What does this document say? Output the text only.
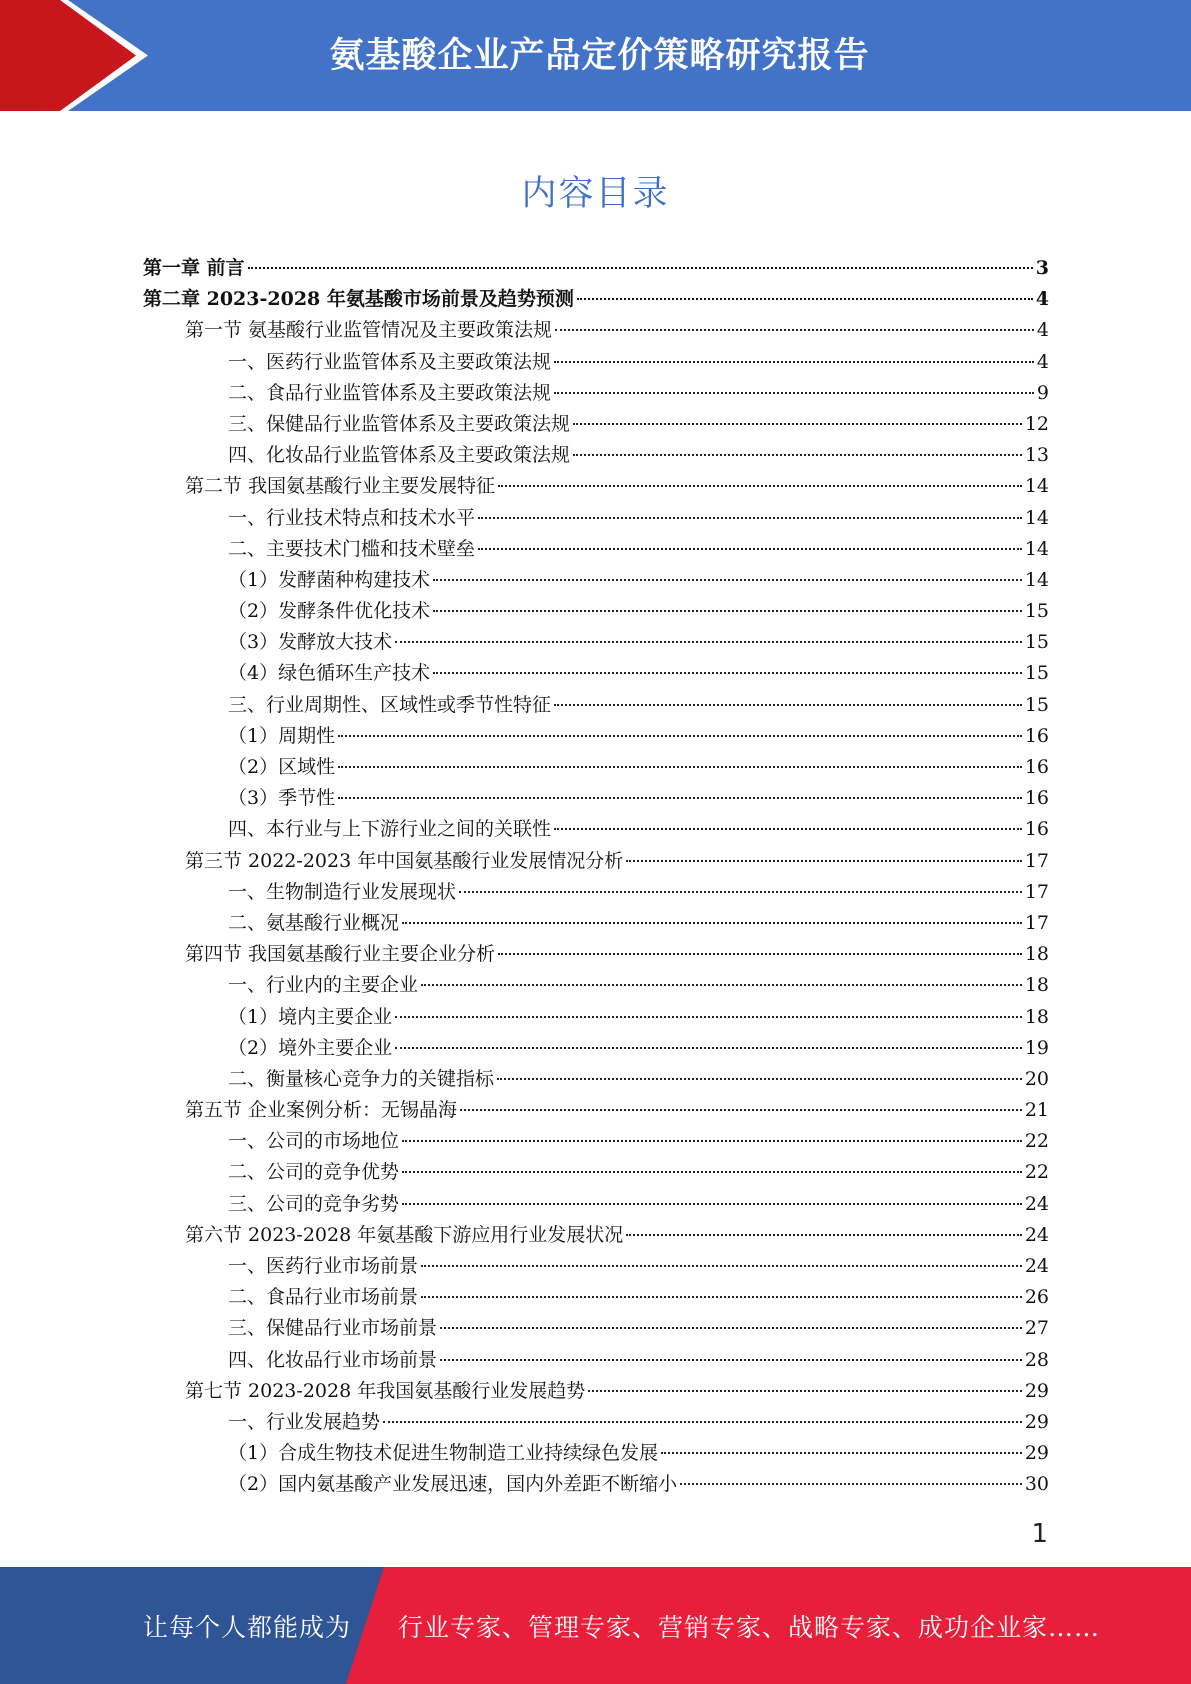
氨基酸企业产品定价策略研究报告
内容目录
第一章 前言	3
第二章 2023-2028 年氨基酸市场前景及趋势预测	4
第一节 氨基酸行业监管情况及主要政策法规	4
一、医药行业监管体系及主要政策法规	4
二、食品行业监管体系及主要政策法规	9
三、保健品行业监管体系及主要政策法规	12
四、化妆品行业监管体系及主要政策法规	13
第二节 我国氨基酸行业主要发展特征	14
一、行业技术特点和技术水平	14
二、主要技术门槛和技术壁垒	14
（1）发酵菌种构建技术	14
（2）发酵条件优化技术	15
（3）发酵放大技术	15
（4）绿色循环生产技术	15
三、行业周期性、区域性或季节性特征	15
（1）周期性	16
（2）区域性	16
（3）季节性	16
四、本行业与上下游行业之间的关联性	16
第三节 2022-2023 年中国氨基酸行业发展情况分析	17
一、生物制造行业发展现状	17
二、氨基酸行业概况	17
第四节 我国氨基酸行业主要企业分析	18
一、行业内的主要企业	18
（1）境内主要企业	18
（2）境外主要企业	19
二、衡量核心竞争力的关键指标	20
第五节 企业案例分析：无锡晶海	21
一、公司的市场地位	22
二、公司的竞争优势	22
三、公司的竞争劣势	24
第六节 2023-2028 年氨基酸下游应用行业发展状况	24
一、医药行业市场前景	24
二、食品行业市场前景	26
三、保健品行业市场前景	27
四、化妆品行业市场前景	28
第七节 2023-2028 年我国氨基酸行业发展趋势	29
一、行业发展趋势	29
（1）合成生物技术促进生物制造工业持续绿色发展	29
（2）国内氨基酸产业发展迅速，国内外差距不断缩小	30
1
让每个人都能成为 行业专家、管理专家、营销专家、战略专家、成功企业家……
